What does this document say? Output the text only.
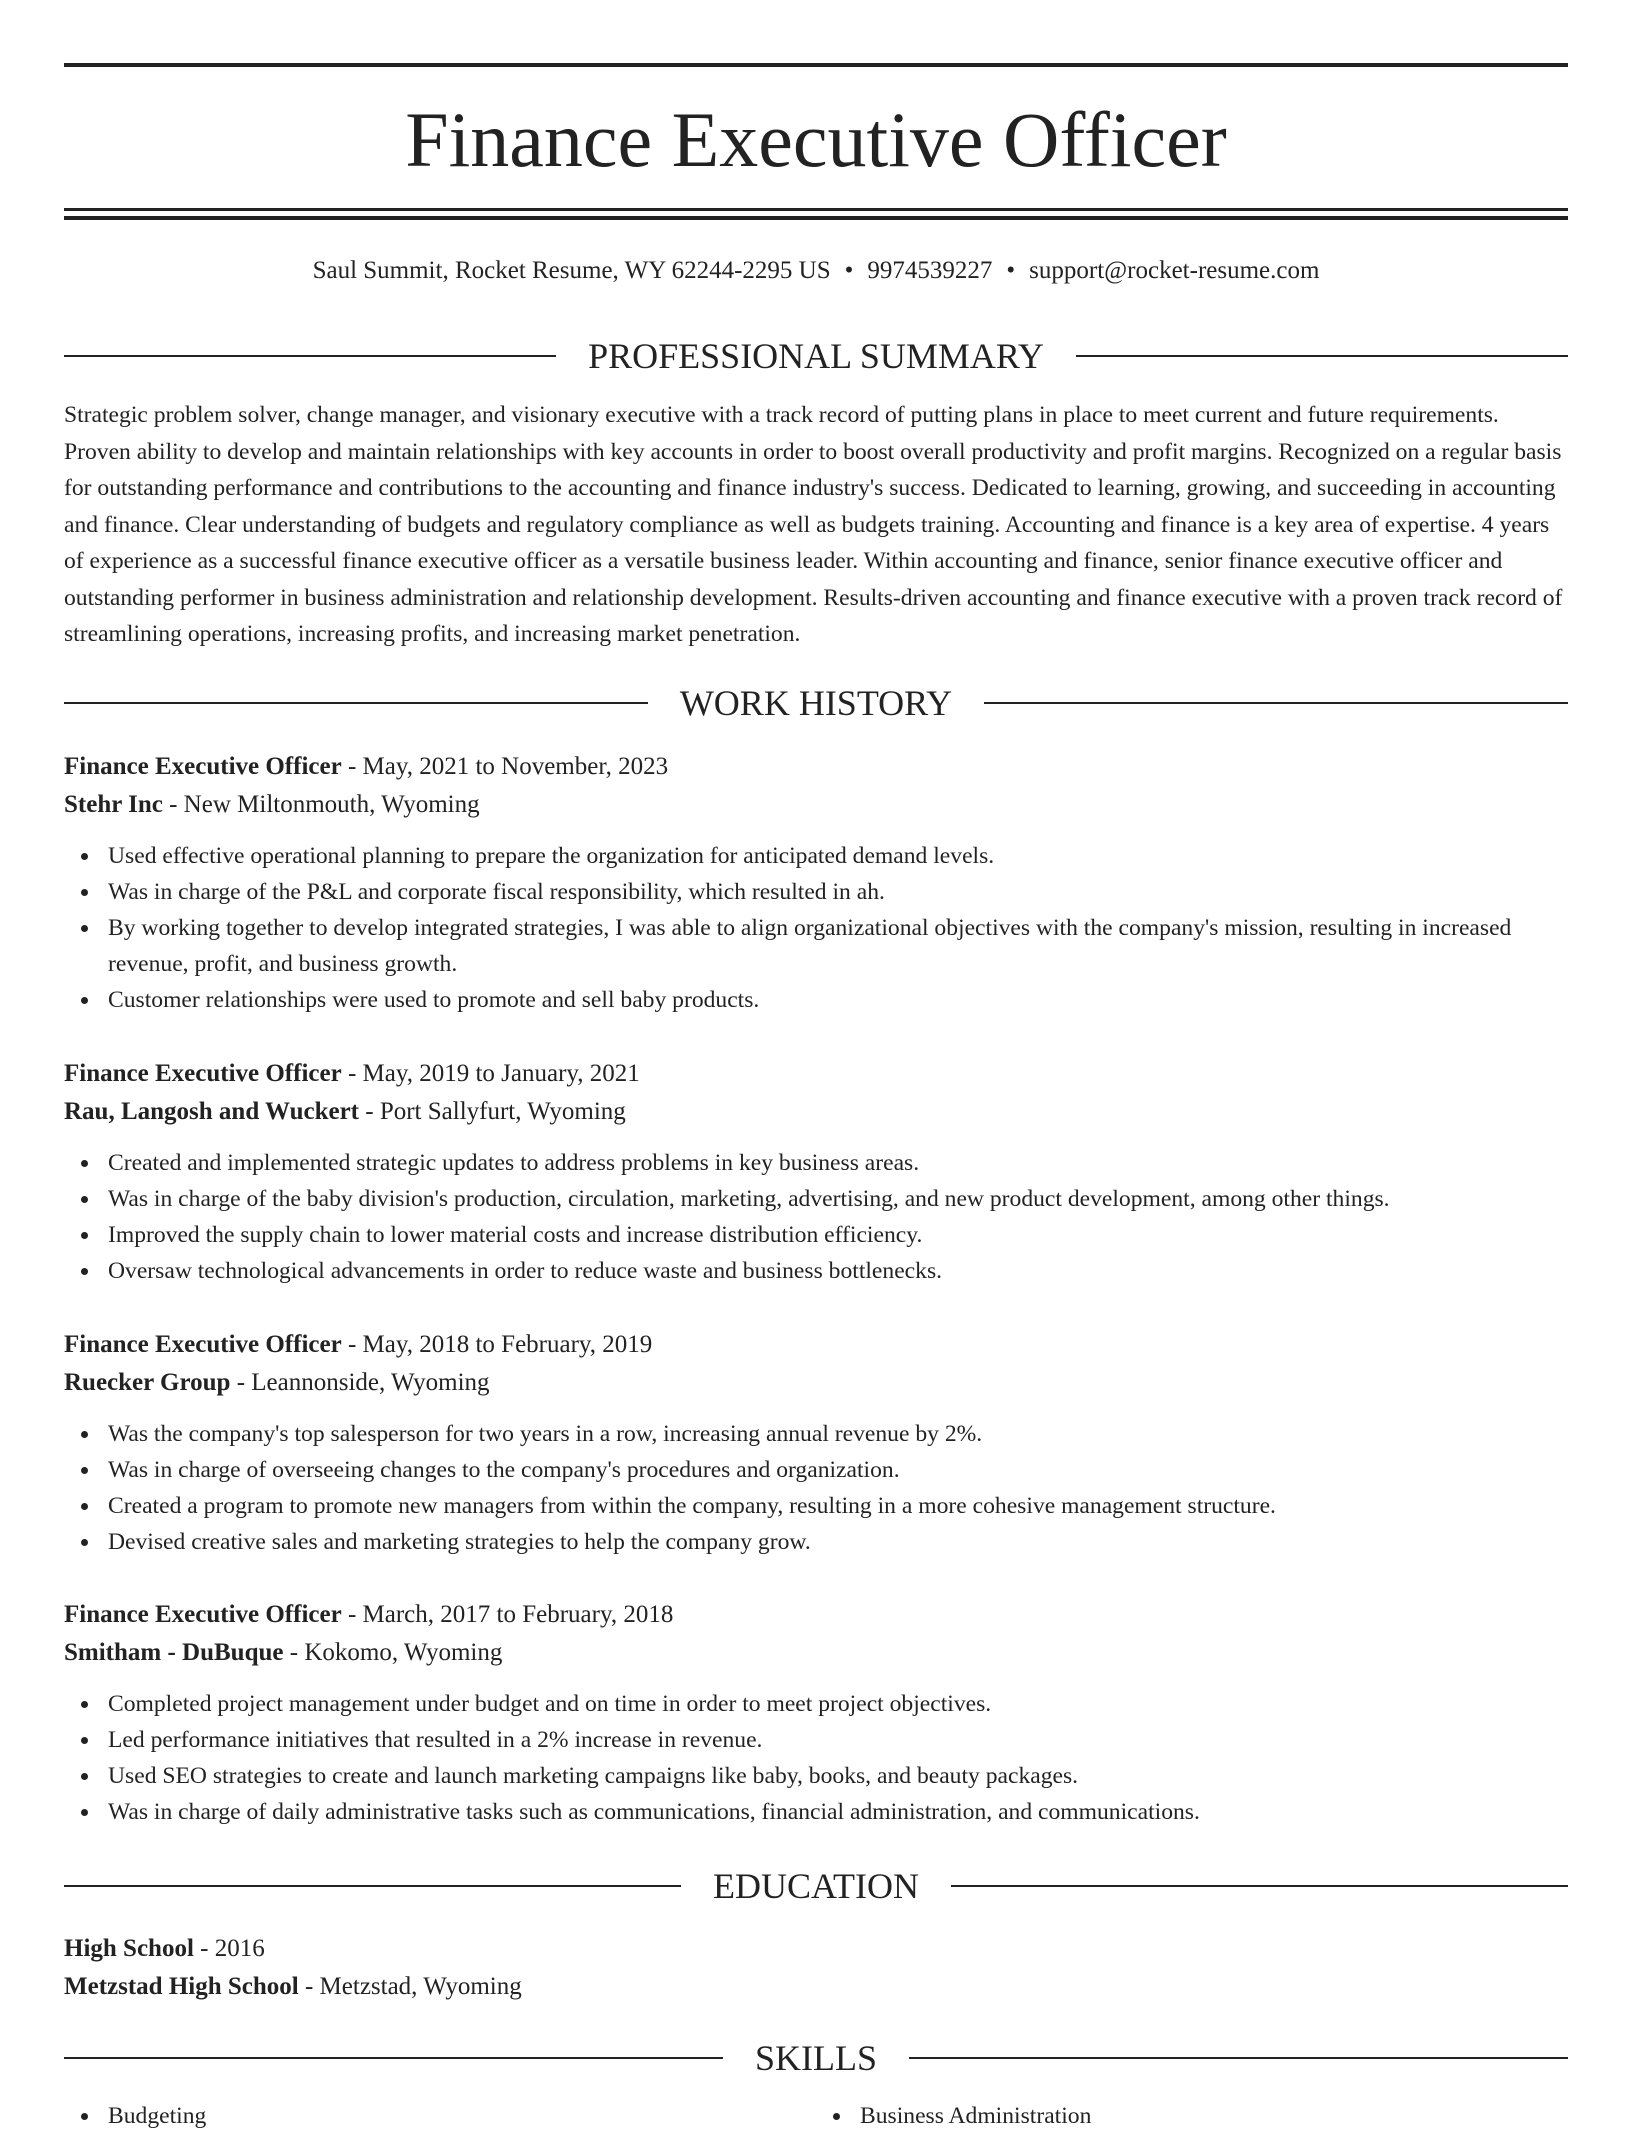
Finance Executive Officer
Saul Summit, Rocket Resume, WY 62244-2295 US • 9974539227 • support@rocket-resume.com
PROFESSIONAL SUMMARY

Strategic problem solver, change manager, and visionary executive with a track record of putting plans in place to meet current and future requirements. Proven ability to develop and maintain relationships with key accounts in order to boost overall productivity and profit margins. Recognized on a regular basis for outstanding performance and contributions to the accounting and finance industry's success. Dedicated to learning, growing, and succeeding in accounting and finance. Clear understanding of budgets and regulatory compliance as well as budgets training. Accounting and finance is a key area of expertise. 4 years of experience as a successful finance executive officer as a versatile business leader. Within accounting and finance, senior finance executive officer and outstanding performer in business administration and relationship development. Results-driven accounting and finance executive with a proven track record of streamlining operations, increasing profits, and increasing market penetration.

WORK HISTORY
Finance Executive Officer - May, 2021 to November, 2023
Stehr Inc - New Miltonmouth, Wyoming
Used effective operational planning to prepare the organization for anticipated demand levels.
Was in charge of the P&L and corporate fiscal responsibility, which resulted in ah.
By working together to develop integrated strategies, I was able to align organizational objectives with the company's mission, resulting in increased revenue, profit, and business growth.
Customer relationships were used to promote and sell baby products.
Finance Executive Officer - May, 2019 to January, 2021
Rau, Langosh and Wuckert - Port Sallyfurt, Wyoming
Created and implemented strategic updates to address problems in key business areas.
Was in charge of the baby division's production, circulation, marketing, advertising, and new product development, among other things.
Improved the supply chain to lower material costs and increase distribution efficiency.
Oversaw technological advancements in order to reduce waste and business bottlenecks.
Finance Executive Officer - May, 2018 to February, 2019
Ruecker Group - Leannonside, Wyoming
Was the company's top salesperson for two years in a row, increasing annual revenue by 2%.
Was in charge of overseeing changes to the company's procedures and organization.
Created a program to promote new managers from within the company, resulting in a more cohesive management structure.
Devised creative sales and marketing strategies to help the company grow.
Finance Executive Officer - March, 2017 to February, 2018
Smitham - DuBuque - Kokomo, Wyoming
Completed project management under budget and on time in order to meet project objectives.
Led performance initiatives that resulted in a 2% increase in revenue.
Used SEO strategies to create and launch marketing campaigns like baby, books, and beauty packages.
Was in charge of daily administrative tasks such as communications, financial administration, and communications.
EDUCATION
High School - 2016
Metzstad High School - Metzstad, Wyoming
SKILLS
Budgeting	Business Administration
